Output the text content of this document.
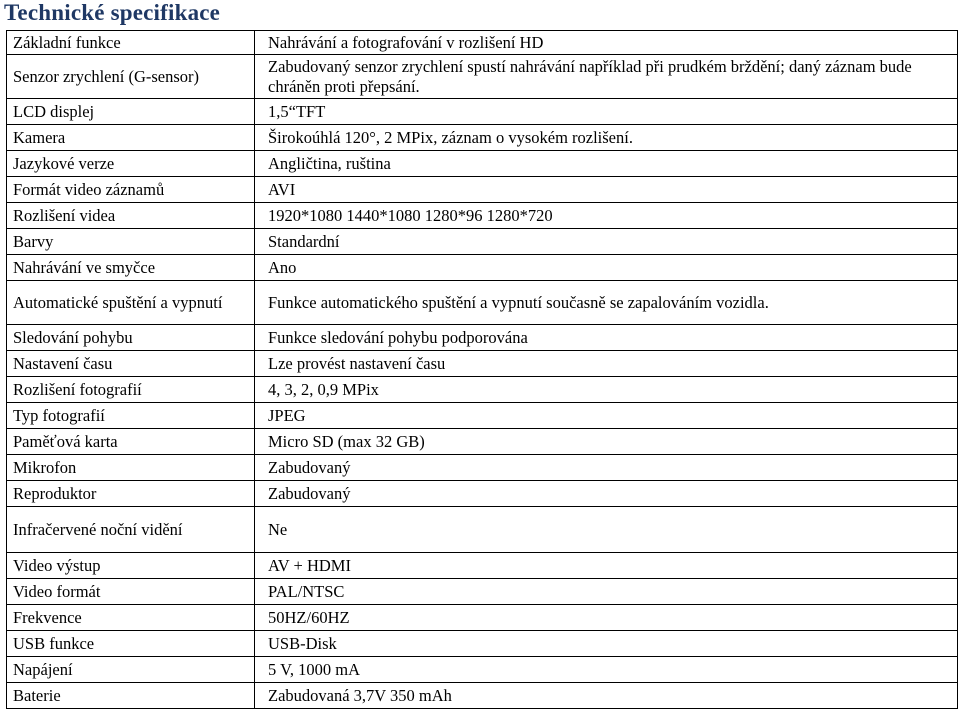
Technické specifikace
Základní funkce	Nahrávání a fotografování v rozlišení HD
Senzor zrychlení (G-sensor)	Zabudovaný senzor zrychlení spustí nahrávání například při prudkém brždění; daný záznam bude chráněn proti přepsání.
LCD displej	1,5“TFT
Kamera	Širokoúhlá 120°, 2 MPix, záznam o vysokém rozlišení.
Jazykové verze	Angličtina, ruština
Formát video záznamů	AVI
Rozlišení videa	1920*1080 1440*1080 1280*96 1280*720
Barvy	Standardní
Nahrávání ve smyčce	Ano
Automatické spuštění a vypnutí	Funkce automatického spuštění a vypnutí současně se zapalováním vozidla.
Sledování pohybu	Funkce sledování pohybu podporována
Nastavení času	Lze provést nastavení času
Rozlišení fotografií	4, 3, 2, 0,9 MPix
Typ fotografií	JPEG
Paměťová karta	Micro SD (max 32 GB)
Mikrofon	Zabudovaný
Reproduktor	Zabudovaný
Infračervené noční vidění	Ne
Video výstup	AV + HDMI
Video formát	PAL/NTSC
Frekvence	50HZ/60HZ
USB funkce	USB-Disk
Napájení	5 V, 1000 mA
Baterie	Zabudovaná 3,7V 350 mAh
